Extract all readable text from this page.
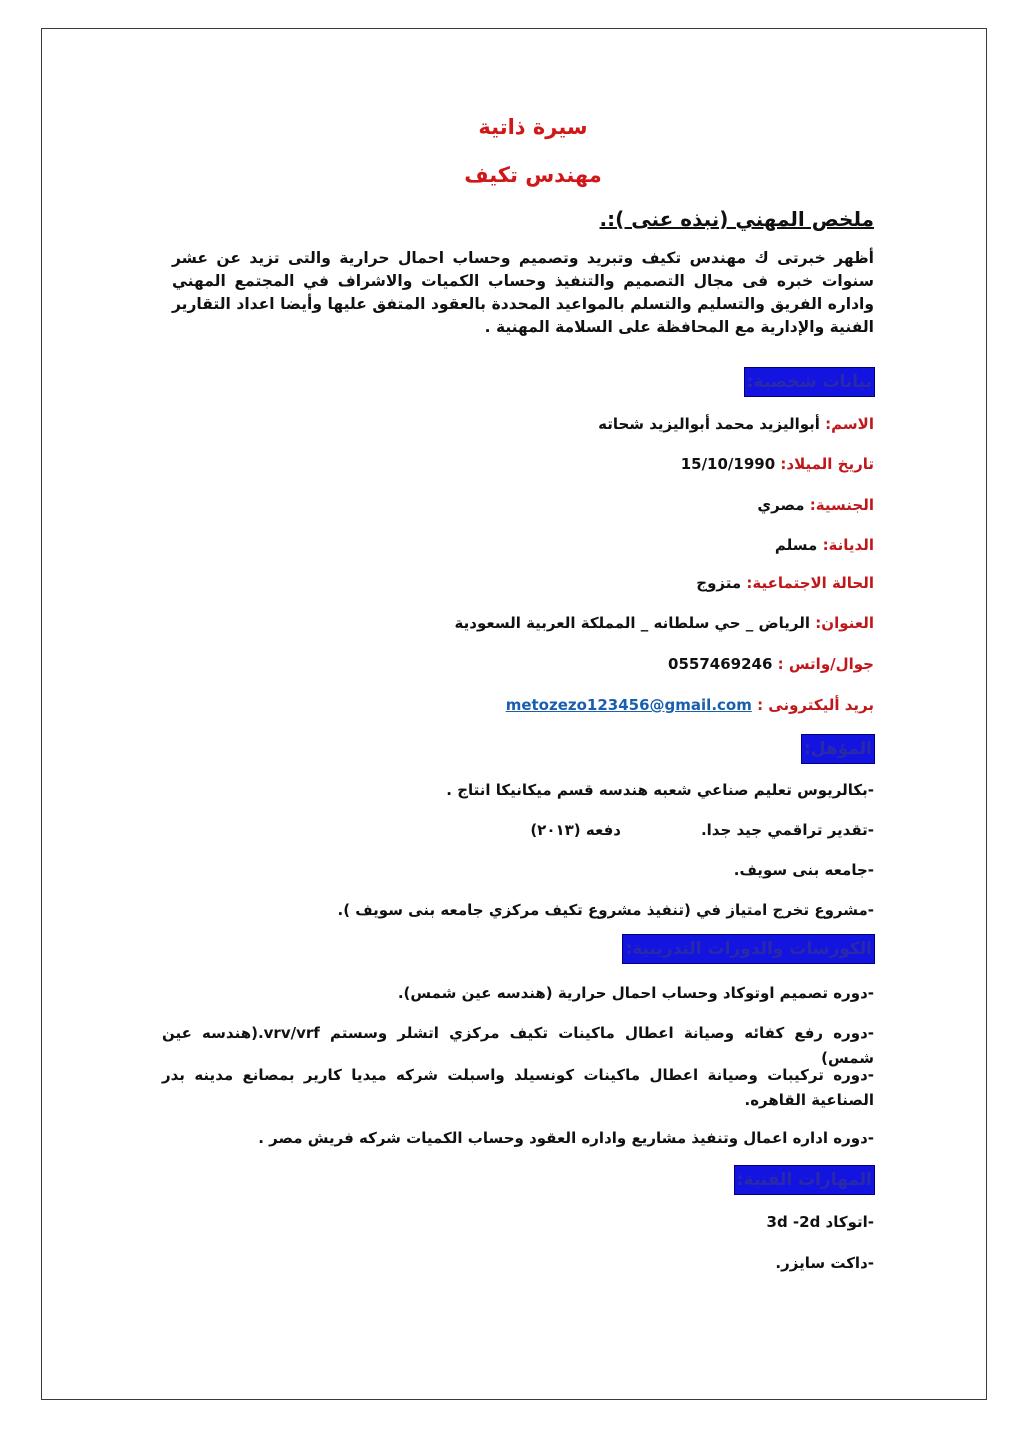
سيرة ذاتية
مهندس تكيف
ملخص المهني (نبذه عنى ):.
أظهر خبرتى ك مهندس تكيف وتبريد وتصميم وحساب احمال حرارية والتى تزيد عن عشر سنوات خبره فى مجال التصميم والتنفيذ وحساب الكميات والاشراف في المجتمع المهني واداره الفريق والتسليم والتسلم بالمواعيد المحددة بالعقود المتفق عليها وأيضا اعداد التقارير الفنية والإدارية مع المحافظة على السلامة المهنية .
بيانات شخصية:
الاسم: أبواليزيد محمد أبواليزيد شحاته
تاريخ الميلاد: 15/10/1990
الجنسية: مصري
الديانة: مسلم
الحالة الاجتماعية: متزوج
العنوان: الرياض _ حي سلطانه _ المملكة العربية السعودية
جوال/واتس : 0557469246
بريد أليكترونى : metozezo123456@gmail.com
المؤهل:
-بكالريوس تعليم صناعي شعبه هندسه قسم ميكانيكا انتاج .
-تقدير تراقمي جيد جدا.دفعه (٢٠١٣)
-جامعه بنى سويف.
-مشروع تخرج امتياز في (تنفيذ مشروع تكيف مركزي جامعه بنى سويف ).
الكورسات والدورات التدريبية:
-دوره تصميم اوتوكاد وحساب احمال حرارية (هندسه عين شمس).
-دوره رفع كفائه وصيانة اعطال ماكينات تكيف مركزي اتشلر وسستم vrv/vrf.(هندسه عين شمس)
-دوره تركيبات وصيانة اعطال ماكينات كونسيلد واسبلت شركه ميديا كارير بمصانع مدينه بدر الصناعية القاهره.
-دوره اداره اعمال وتنفيذ مشاريع واداره العقود وحساب الكميات شركه فريش مصر .
المهارات الفنية:
-اتوكاد 3d -2d
-داكت سايزر.
